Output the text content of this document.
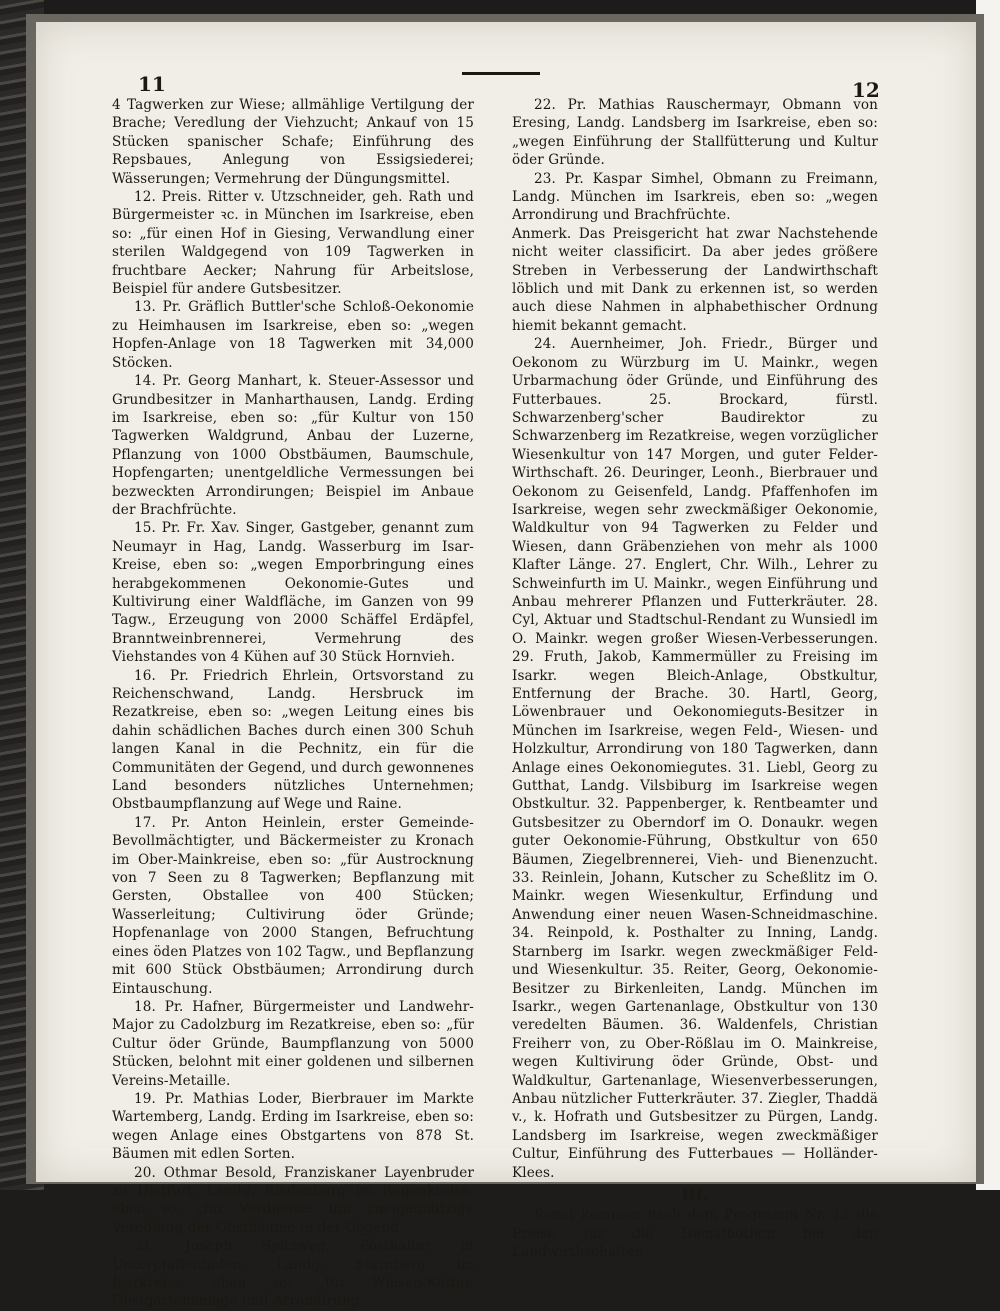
11	12

4 Tagwerken zur Wiese; allmählige Vertilgung der Brache; Veredlung der Viehzucht; Ankauf von 15 Stücken spanischer Schafe; Einführung des Repsbaues, Anlegung von Essigsiederei; Wässerungen; Vermehrung der Düngungsmittel.

12. Preis. Ritter v. Utzschneider, geh. Rath und Bürgermeister ꝛc. in München im Isarkreise, eben so: „für einen Hof in Giesing, Verwandlung einer sterilen Waldgegend von 109 Tagwerken in fruchtbare Aecker; Nahrung für Arbeitslose, Beispiel für andere Gutsbesitzer.

13. Pr. Gräflich Buttler'sche Schloß-Oekonomie zu Heimhausen im Isarkreise, eben so: „wegen Hopfen-Anlage von 18 Tagwerken mit 34,000 Stöcken.

14. Pr. Georg Manhart, k. Steuer-Assessor und Grundbesitzer in Manharthausen, Landg. Erding im Isarkreise, eben so: „für Kultur von 150 Tagwerken Waldgrund, Anbau der Luzerne, Pflanzung von 1000 Obstbäumen, Baumschule, Hopfengarten; unentgeldliche Vermessungen bei bezweckten Arrondirungen; Beispiel im Anbaue der Brachfrüchte.

15. Pr. Fr. Xav. Singer, Gastgeber, genannt zum Neumayr in Hag, Landg. Wasserburg im Isar-Kreise, eben so: „wegen Emporbringung eines herabgekommenen Oekonomie-Gutes und Kultivirung einer Waldfläche, im Ganzen von 99 Tagw., Erzeugung von 2000 Schäffel Erdäpfel, Branntweinbrennerei, Vermehrung des Viehstandes von 4 Kühen auf 30 Stück Hornvieh.

16. Pr. Friedrich Ehrlein, Ortsvorstand zu Reichenschwand, Landg. Hersbruck im Rezatkreise, eben so: „wegen Leitung eines bis dahin schädlichen Baches durch einen 300 Schuh langen Kanal in die Pechnitz, ein für die Communitäten der Gegend, und durch gewonnenes Land besonders nützliches Unternehmen; Obstbaumpflanzung auf Wege und Raine.

17. Pr. Anton Heinlein, erster Gemeinde-Bevollmächtigter, und Bäckermeister zu Kronach im Ober-Mainkreise, eben so: „für Austrocknung von 7 Seen zu 8 Tagwerken; Bepflanzung mit Gersten, Obstallee von 400 Stücken; Wasserleitung; Cultivirung öder Gründe; Hopfenanlage von 2000 Stangen, Befruchtung eines öden Platzes von 102 Tagw., und Bepflanzung mit 600 Stück Obstbäumen; Arrondirung durch Eintauschung.

18. Pr. Hafner, Bürgermeister und Landwehr-Major zu Cadolzburg im Rezatkreise, eben so: „für Cultur öder Gründe, Baumpflanzung von 5000 Stücken, belohnt mit einer goldenen und silbernen Vereins-Metaille.

19. Pr. Mathias Loder, Bierbrauer im Markte Wartemberg, Landg. Erding im Isarkreise, eben so: wegen Anlage eines Obstgartens von 878 St. Bäumen mit edlen Sorten.

20. Othmar Besold, Franziskaner Layenbruder zu Dietfurt, Landg. Riedenburg im Regenkreise, eben so: „für Verdienste um uneigennützige Veredlung der Obstbäume in der Gegend.

21. Joseph Spitzweg, Posthalter in Unterpfaffenhofen, Landg. Starnberg im Isarkreise, eben so: „für Wiesen-Kultur, Obstgartenanlage und Arrondirung.

22. Pr. Mathias Rauschermayr, Obmann von Eresing, Landg. Landsberg im Isarkreise, eben so: „wegen Einführung der Stallfütterung und Kultur öder Gründe.

23. Pr. Kaspar Simhel, Obmann zu Freimann, Landg. München im Isarkreis, eben so: „wegen Arrondirung und Brachfrüchte.

Anmerk. Das Preisgericht hat zwar Nachstehende nicht weiter classificirt. Da aber jedes größere Streben in Verbesserung der Landwirthschaft löblich und mit Dank zu erkennen ist, so werden auch diese Nahmen in alphabethischer Ordnung hiemit bekannt gemacht.

24. Auernheimer, Joh. Friedr., Bürger und Oekonom zu Würzburg im U. Mainkr., wegen Urbarmachung öder Gründe, und Einführung des Futterbaues. 25. Brockard, fürstl. Schwarzenberg'scher Baudirektor zu Schwarzenberg im Rezatkreise, wegen vorzüglicher Wiesenkultur von 147 Morgen, und guter Felder-Wirthschaft. 26. Deuringer, Leonh., Bierbrauer und Oekonom zu Geisenfeld, Landg. Pfaffenhofen im Isarkreise, wegen sehr zweckmäßiger Oekonomie, Waldkultur von 94 Tagwerken zu Felder und Wiesen, dann Gräbenziehen von mehr als 1000 Klafter Länge. 27. Englert, Chr. Wilh., Lehrer zu Schweinfurth im U. Mainkr., wegen Einführung und Anbau mehrerer Pflanzen und Futterkräuter. 28. Cyl, Aktuar und Stadtschul-Rendant zu Wunsiedl im O. Mainkr. wegen großer Wiesen-Verbesserungen. 29. Fruth, Jakob, Kammermüller zu Freising im Isarkr. wegen Bleich-Anlage, Obstkultur, Entfernung der Brache. 30. Hartl, Georg, Löwenbrauer und Oekonomieguts-Besitzer in München im Isarkreise, wegen Feld-, Wiesen- und Holzkultur, Arrondirung von 180 Tagwerken, dann Anlage eines Oekonomiegutes. 31. Liebl, Georg zu Gutthat, Landg. Vilsbiburg im Isarkreise wegen Obstkultur. 32. Pappenberger, k. Rentbeamter und Gutsbesitzer zu Oberndorf im O. Donaukr. wegen guter Oekonomie-Führung, Obstkultur von 650 Bäumen, Ziegelbrennerei, Vieh- und Bienenzucht. 33. Reinlein, Johann, Kutscher zu Scheßlitz im O. Mainkr. wegen Wiesenkultur, Erfindung und Anwendung einer neuen Wasen-Schneidmaschine. 34. Reinpold, k. Posthalter zu Inning, Landg. Starnberg im Isarkr. wegen zweckmäßiger Feld- und Wiesenkultur. 35. Reiter, Georg, Oekonomie-Besitzer zu Birkenleiten, Landg. München im Isarkr., wegen Gartenanlage, Obstkultur von 130 veredelten Bäumen. 36. Waldenfels, Christian Freiherr von, zu Ober-Rößlau im O. Mainkreise, wegen Kultivirung öder Gründe, Obst- und Waldkultur, Gartenanlage, Wiesenverbesserungen, Anbau nützlicher Futterkräuter. 37. Ziegler, Thaddä v., k. Hofrath und Gutsbesitzer zu Pürgen, Landg. Landsberg im Isarkreise, wegen zweckmäßiger Cultur, Einführung des Futterbaues — Holländer-Klees.

III.

Somit kammen nach dem Programm Nr. 13 die Preise für die Dienstbothen bei den Landwirthschaften
